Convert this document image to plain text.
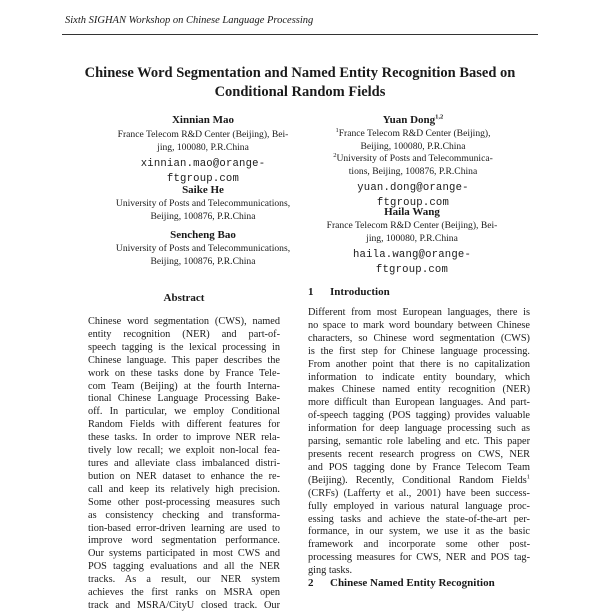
Sixth SIGHAN Workshop on Chinese Language Processing
Chinese Word Segmentation and Named Entity Recognition Based on
Conditional Random Fields
Xinnian Mao
France Telecom R&D Center (Beijing), Bei-
jing, 100080, P.R.China
xinnian.mao@orange-
ftgroup.com
Saike He
University of Posts and Telecommunications,
Beijing, 100876, P.R.China
Sencheng Bao
University of Posts and Telecommunications,
Beijing, 100876, P.R.China
Yuan Dong$^{1,2}$
$^1$France Telecom R&D Center (Beijing),
Beijing, 100080, P.R.China
$^2$University of Posts and Telecommunica-
tions, Beijing, 100876, P.R.China
yuan.dong@orange-
ftgroup.com
Haila Wang
France Telecom R&D Center (Beijing), Bei-
jing, 100080, P.R.China
haila.wang@orange-
ftgroup.com
Abstract
Chinese word segmentation (CWS), named
entity recognition (NER) and part-of-
speech tagging is the lexical processing in
Chinese language. This paper describes the
work on these tasks done by France Tele-
com Team (Beijing) at the fourth Interna-
tional Chinese Language Processing Bake-
off. In particular, we employ Conditional
Random Fields with different features for
these tasks. In order to improve NER rela-
tively low recall; we exploit non-local fea-
tures and alleviate class imbalanced distri-
bution on NER dataset to enhance the re-
call and keep its relatively high precision.
Some other post-processing measures such
as consistency checking and transforma-
tion-based error-driven learning are used to
improve word segmentation performance.
Our systems participated in most CWS and
POS tagging evaluations and all the NER
tracks. As a result, our NER system
achieves the first ranks on MSRA open
track and MSRA/CityU closed track. Our
1 Introduction
Different from most European languages, there is
no space to mark word boundary between Chinese
characters, so Chinese word segmentation (CWS)
is the first step for Chinese language processing.
From another point that there is no capitalization
information to indicate entity boundary, which
makes Chinese named entity recognition (NER)
more difficult than European languages. And part-
of-speech tagging (POS tagging) provides valuable
information for deep language processing such as
parsing, semantic role labeling and etc. This paper
presents recent research progress on CWS, NER
and POS tagging done by France Telecom Team
(Beijing). Recently, Conditional Random Fields$^1$
(CRFs) (Lafferty et al., 2001) have been success-
fully employed in various natural language proc-
essing tasks and achieve the state-of-the-art per-
formance, in our system, we use it as the basic
framework and incorporate some other post-
processing measures for CWS, NER and POS tag-
ging tasks.
2 Chinese Named Entity Recognition
